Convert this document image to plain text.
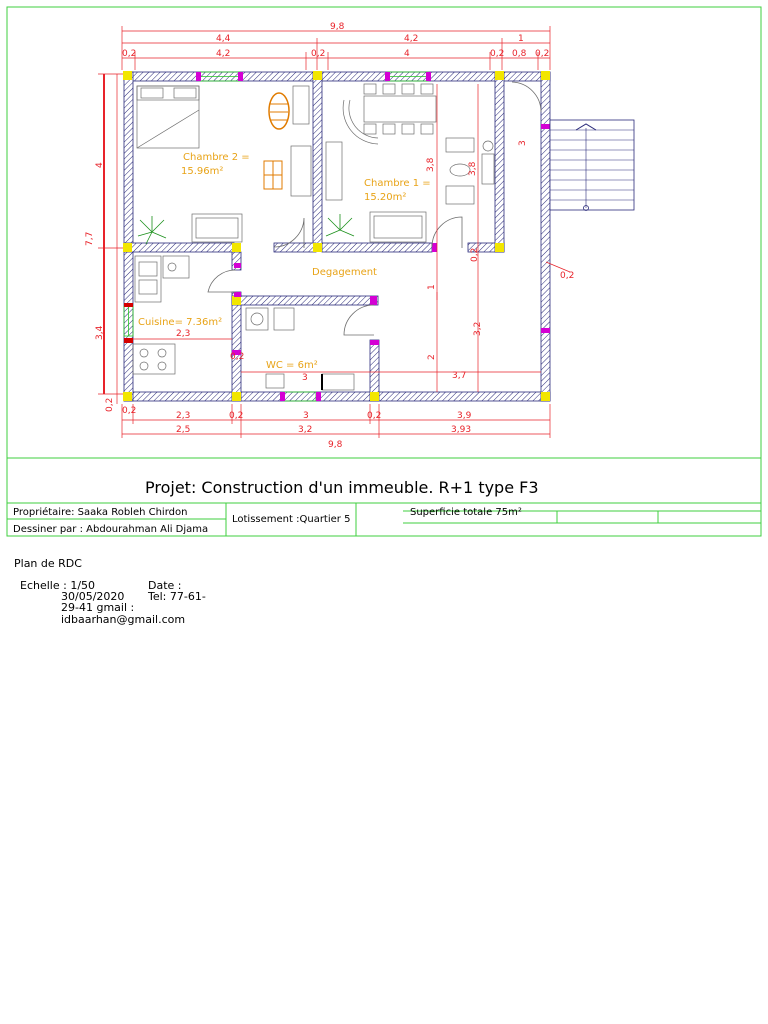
9,8
4,4	4,2	1
0,2	4,2	0,2	4	0,2 0,8 0,2
7,7
4
3,4
0,2
3
3,8	3,8
0,2
0,2
3,2
1
2
3	3,7
2,3
0,2
0,2	2,3	0,2	3	0,2	3,9
2,5	3,2	3,93
9,8
Chambre 2 =
15.96m²
Chambre 1 =
15.20m²
Degagement
Cuisine= 7.36m²
WC = 6m²
Projet: Construction d'un immeuble. R+1 type F3
Propriétaire: Saaka Robleh Chirdon
Dessiner par : Abdourahman Ali Djama
Lotissement :Quartier 5
Superficie totale 75m²
Plan de RDC
Echelle : 1/50	Date :
30/05/2020 Tel: 77-61-
29-41 gmail :
idbaarhan@gmail.com
